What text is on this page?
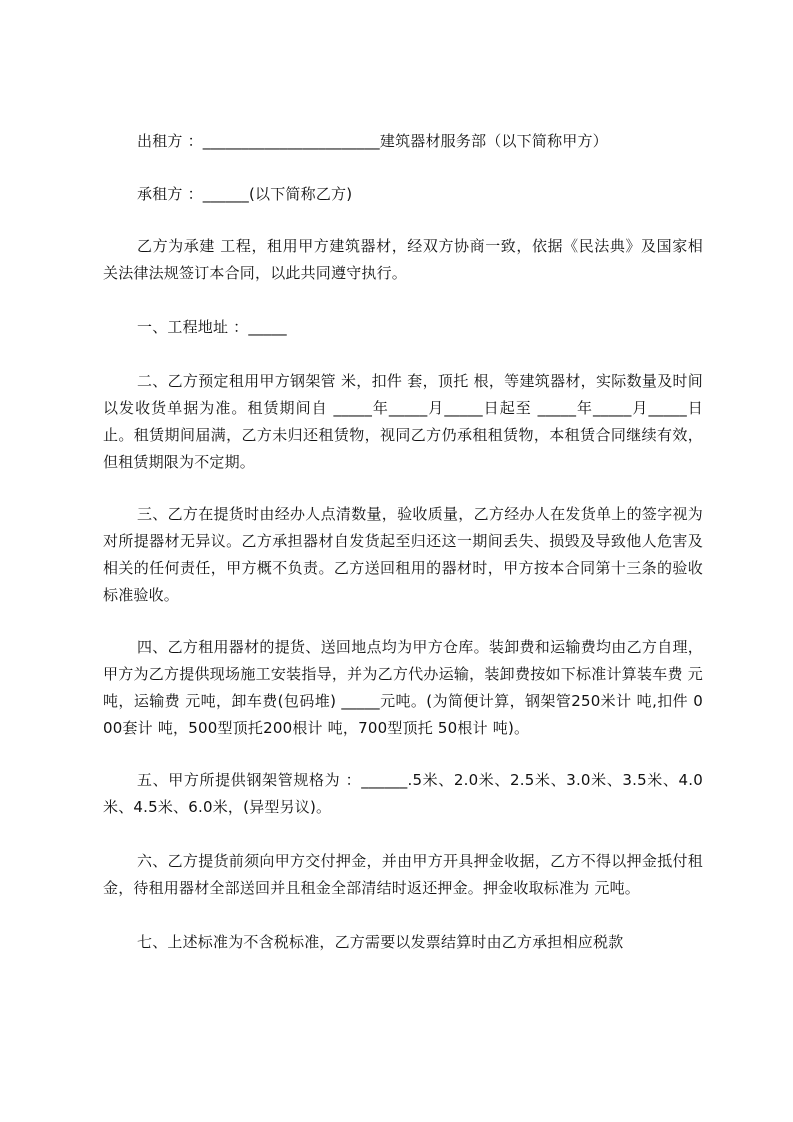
出租方 ：_______________________建筑器材服务部（以下简称甲方）
承租方 ：______(以下简称乙方)
乙方为承建 工程，租用甲方建筑器材，经双方协商一致，依据《民法典》及国家相关法律法规签订本合同，以此共同遵守执行。
一、工程地址 ：_____
二、乙方预定租用甲方钢架管 米，扣件 套，顶托 根，等建筑器材，实际数量及时间以发收货单据为准。租赁期间自 _____年_____月_____日起至 _____年_____月_____日止。租赁期间届满，乙方未归还租赁物，视同乙方仍承租租赁物，本租赁合同继续有效，但租赁期限为不定期。
三、乙方在提货时由经办人点清数量，验收质量，乙方经办人在发货单上的签字视为对所提器材无异议。乙方承担器材自发货起至归还这一期间丢失、损毁及导致他人危害及相关的任何责任，甲方概不负责。乙方送回租用的器材时，甲方按本合同第十三条的验收标准验收。
四、乙方租用器材的提货、送回地点均为甲方仓库。装卸费和运输费均由乙方自理，甲方为乙方提供现场施工安装指导，并为乙方代办运输，装卸费按如下标准计算装车费 元吨，运输费 元吨，卸车费(包码堆) _____元吨。(为简便计算，钢架管250米计 吨,扣件 000套计 吨，500型顶托200根计 吨，700型顶托 50根计 吨)。
五、甲方所提供钢架管规格为 ：______.5米、2.0米、2.5米、3.0米、3.5米、4.0米、4.5米、6.0米，(异型另议)。
六、乙方提货前须向甲方交付押金，并由甲方开具押金收据，乙方不得以押金抵付租金，待租用器材全部送回并且租金全部清结时返还押金。押金收取标准为 元吨。
七、上述标准为不含税标准，乙方需要以发票结算时由乙方承担相应税款
